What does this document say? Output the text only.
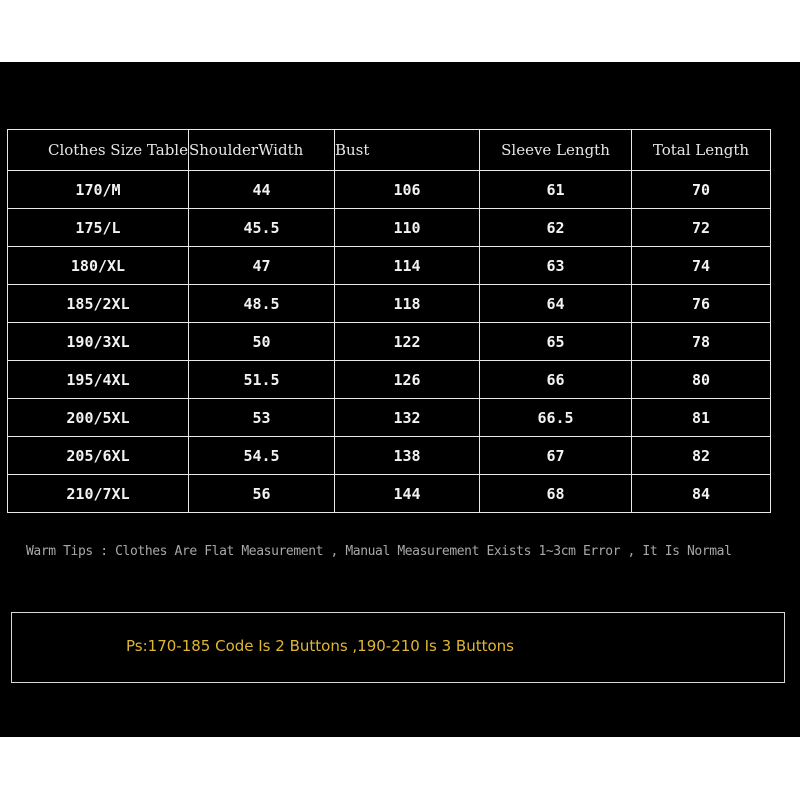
Clothes Size Table	ShoulderWidth	Bust	Sleeve Length	Total Length
170/M	44	106	61	70
175/L	45.5	110	62	72
180/XL	47	114	63	74
185/2XL	48.5	118	64	76
190/3XL	50	122	65	78
195/4XL	51.5	126	66	80
200/5XL	53	132	66.5	81
205/6XL	54.5	138	67	82
210/7XL	56	144	68	84
Warm Tips : Clothes Are Flat Measurement , Manual Measurement Exists 1~3cm Error , It Is Normal
Ps:170-185 Code Is 2 Buttons ,190-210 Is 3 Buttons
